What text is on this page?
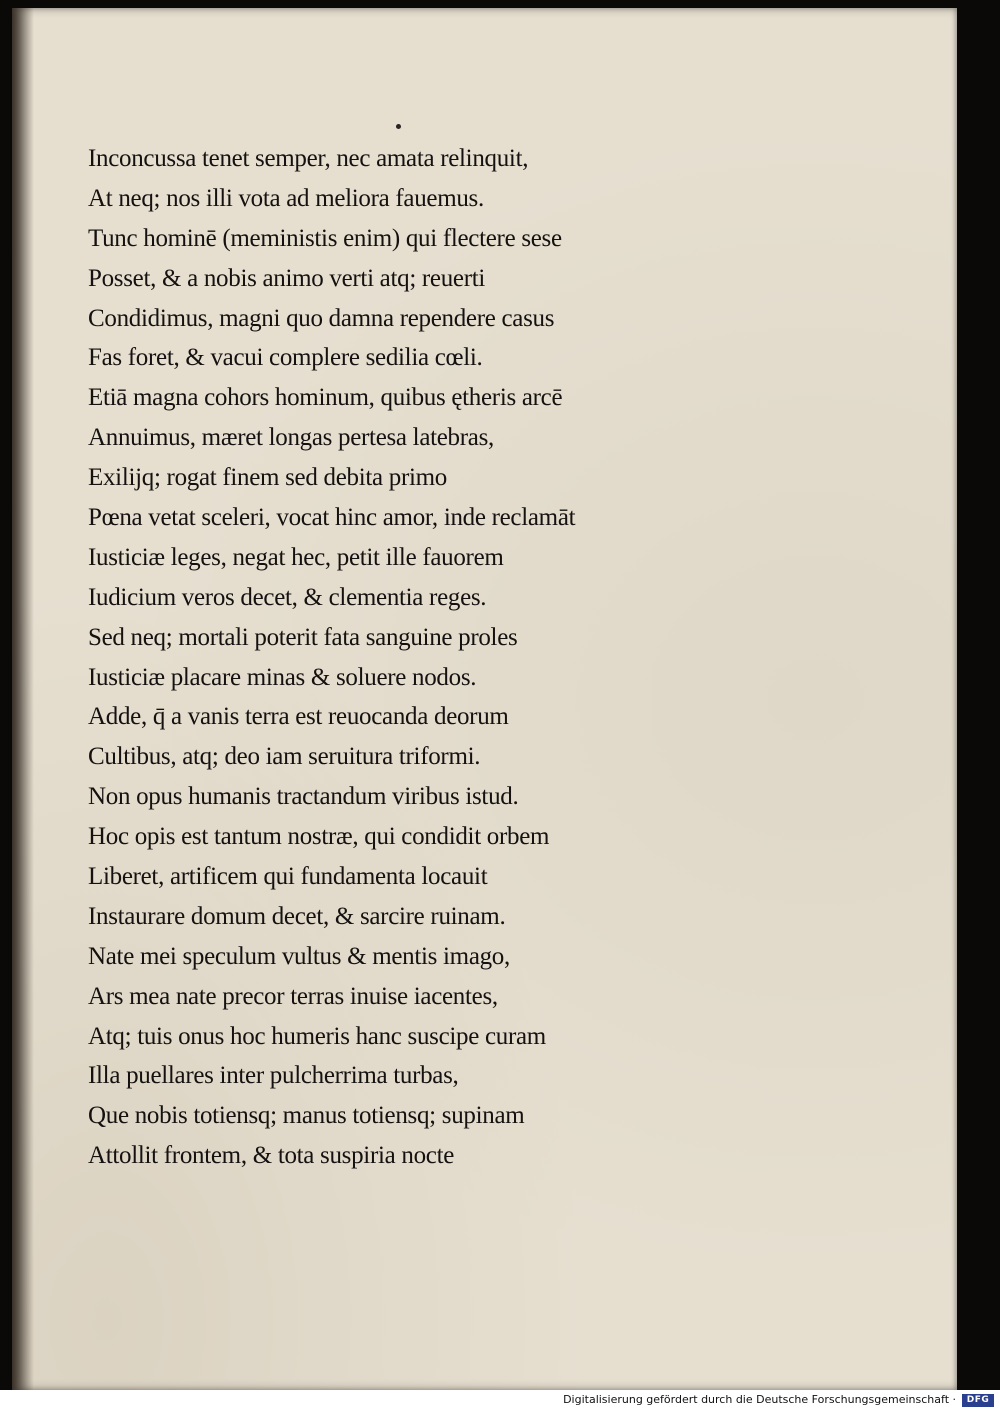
Inconcussa tenet semper, nec amata relinquit,
At neq; nos illi vota ad meliora fauemus.
Tunc hominē (meministis enim) qui flectere sese
Posset, & a nobis animo verti atq; reuerti
Condidimus, magni quo damna rependere casus
Fas foret, & vacui complere sedilia cœli.
Etiā magna cohors hominum, quibus ętheris arcē
Annuimus, mæret longas pertesa latebras,
Exilijq; rogat finem sed debita primo
Pœna vetat sceleri, vocat hinc amor, inde reclamāt
Iusticiæ leges, negat hec, petit ille fauorem
Iudicium veros decet, & clementia reges.
Sed neq; mortali poterit fata sanguine proles
Iusticiæ placare minas & soluere nodos.
Adde, q̄ a vanis terra est reuocanda deorum
Cultibus, atq; deo iam seruitura triformi.
Non opus humanis tractandum viribus istud.
Hoc opis est tantum nostræ, qui condidit orbem
Liberet, artificem qui fundamenta locauit
Instaurare domum decet, & sarcire ruinam.
Nate mei speculum vultus & mentis imago,
Ars mea nate precor terras inuise iacentes,
Atq; tuis onus hoc humeris hanc suscipe curam
Illa puellares inter pulcherrima turbas,
Que nobis totiensq; manus totiensq; supinam
Attollit frontem, & tota suspiria nocte
Digitalisierung gefördert durch die Deutsche Forschungsgemeinschaft ·	DFG
